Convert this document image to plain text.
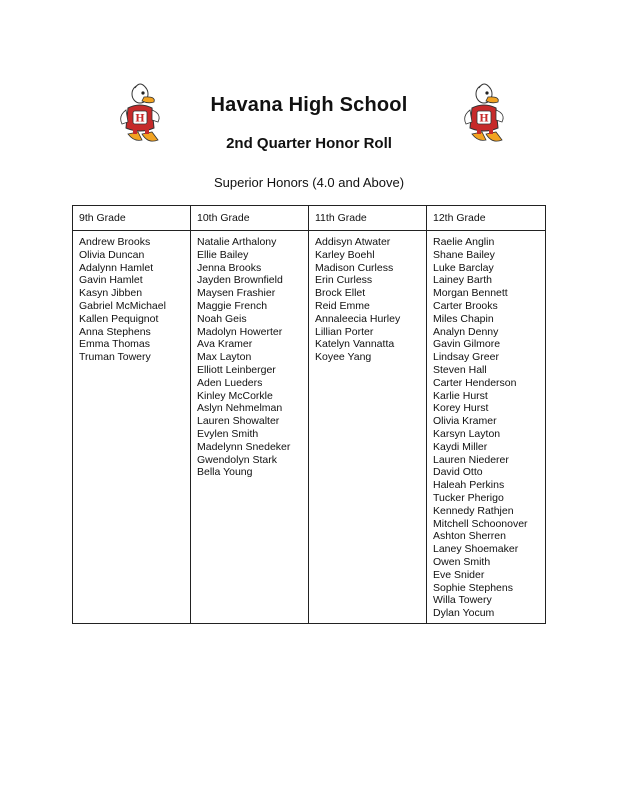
H	H
Havana High School
2nd Quarter Honor Roll
Superior Honors (4.0 and Above)
9th Grade
Andrew Brooks
Olivia Duncan
Adalynn Hamlet
Gavin Hamlet
Kasyn Jibben
Gabriel McMichael
Kallen Pequignot
Anna Stephens
Emma Thomas
Truman Towery
10th Grade
Natalie Arthalony
Ellie Bailey
Jenna Brooks
Jayden Brownfield
Maysen Frashier
Maggie French
Noah Geis
Madolyn Howerter
Ava Kramer
Max Layton
Elliott Leinberger
Aden Lueders
Kinley McCorkle
Aslyn Nehmelman
Lauren Showalter
Evylen Smith
Madelynn Snedeker
Gwendolyn Stark
Bella Young
11th Grade
Addisyn Atwater
Karley Boehl
Madison Curless
Erin Curless
Brock Ellet
Reid Emme
Annaleecia Hurley
Lillian Porter
Katelyn Vannatta
Koyee Yang
12th Grade
Raelie Anglin
Shane Bailey
Luke Barclay
Lainey Barth
Morgan Bennett
Carter Brooks
Miles Chapin
Analyn Denny
Gavin Gilmore
Lindsay Greer
Steven Hall
Carter Henderson
Karlie Hurst
Korey Hurst
Olivia Kramer
Karsyn Layton
Kaydi Miller
Lauren Niederer
David Otto
Haleah Perkins
Tucker Pherigo
Kennedy Rathjen
Mitchell Schoonover
Ashton Sherren
Laney Shoemaker
Owen Smith
Eve Snider
Sophie Stephens
Willa Towery
Dylan Yocum
